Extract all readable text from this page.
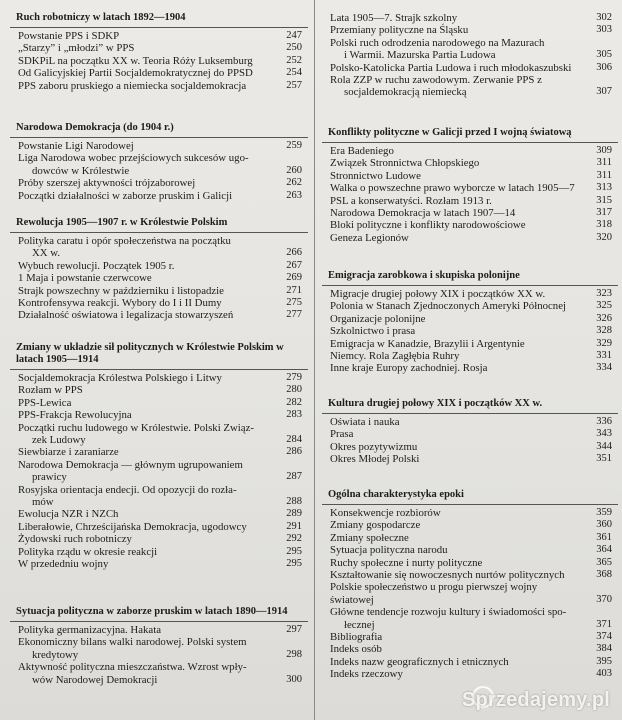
Ruch robotniczy w latach 1892—1904
Powstanie PPS i SDKP	247
„Starzy” i „młodzi” w PPS	250
SDKPiL na początku XX w. Teoria Róży Luksemburg	252
Od Galicyjskiej Partii Socjaldemokratycznej do PPSD	254
PPS zaboru pruskiego a niemiecka socjaldemokracja	257
Narodowa Demokracja (do 1904 r.)
Powstanie Ligi Narodowej	259
Liga Narodowa wobec przejściowych sukcesów ugo-
dowców w Królestwie	260
Próby szerszej aktywności trójzaborowej	262
Początki działalności w zaborze pruskim i Galicji	263
Rewolucja 1905—1907 r. w Królestwie Polskim
Polityka caratu i opór społeczeństwa na początku
XX w.	266
Wybuch rewolucji. Początek 1905 r.	267
1 Maja i powstanie czerwcowe	269
Strajk powszechny w październiku i listopadzie	271
Kontrofensywa reakcji. Wybory do I i II Dumy	275
Działalność oświatowa i legalizacja stowarzyszeń	277
Zmiany w układzie sił politycznych w Królestwie Polskim w latach 1905—1914
Socjaldemokracja Królestwa Polskiego i Litwy	279
Rozłam w PPS	280
PPS-Lewica	282
PPS-Frakcja Rewolucyjna	283
Początki ruchu ludowego w Królestwie. Polski Związ-
zek Ludowy	284
Siewbiarze i zaraniarze	286
Narodowa Demokracja — głównym ugrupowaniem
prawicy	287
Rosyjska orientacja endecji. Od opozycji do rozła-
mów	288
Ewolucja NZR i NZCh	289
Liberałowie, Chrześcijańska Demokracja, ugodowcy	291
Żydowski ruch robotniczy	292
Polityka rządu w okresie reakcji	295
W przededniu wojny	295
Sytuacja polityczna w zaborze pruskim w latach 1890—1914
Polityka germanizacyjna. Hakata	297
Ekonomiczny bilans walki narodowej. Polski system
kredytowy	298
Aktywność polityczna mieszczaństwa. Wzrost wpły-
wów Narodowej Demokracji	300
Lata 1905—7. Strajk szkolny	302
Przemiany polityczne na Śląsku	303
Polski ruch odrodzenia narodowego na Mazurach
i Warmii. Mazurska Partia Ludowa	305
Polsko-Katolicka Partia Ludowa i ruch młodokaszubski	306
Rola ZZP w ruchu zawodowym. Zerwanie PPS z
socjaldemokracją niemiecką	307
Konflikty polityczne w Galicji przed I wojną światową
Era Badeniego	309
Związek Stronnictwa Chłopskiego	311
Stronnictwo Ludowe	311
Walka o powszechne prawo wyborcze w latach 1905—7	313
PSL a konserwatyści. Rozłam 1913 r.	315
Narodowa Demokracja w latach 1907—14	317
Bloki polityczne i konflikty narodowościowe	318
Geneza Legionów	320
Emigracja zarobkowa i skupiska polonijne
Migracje drugiej połowy XIX i początków XX w.	323
Polonia w Stanach Zjednoczonych Ameryki Północnej	325
Organizacje polonijne	326
Szkolnictwo i prasa	328
Emigracja w Kanadzie, Brazylii i Argentynie	329
Niemcy. Rola Zagłębia Ruhry	331
Inne kraje Europy zachodniej. Rosja	334
Kultura drugiej połowy XIX i początków XX w.
Oświata i nauka	336
Prasa	343
Okres pozytywizmu	344
Okres Młodej Polski	351
Ogólna charakterystyka epoki
Konsekwencje rozbiorów	359
Zmiany gospodarcze	360
Zmiany społeczne	361
Sytuacja polityczna narodu	364
Ruchy społeczne i nurty polityczne	365
Kształtowanie się nowoczesnych nurtów politycznych	368
Polskie społeczeństwo u progu pierwszej wojny światowej	370
Główne tendencje rozwoju kultury i świadomości spo-
łecznej	371
Bibliografia	374
Indeks osób	384
Indeks nazw geograficznych i etnicznych	395
Indeks rzeczowy	403
Sprzedajemy.pl
